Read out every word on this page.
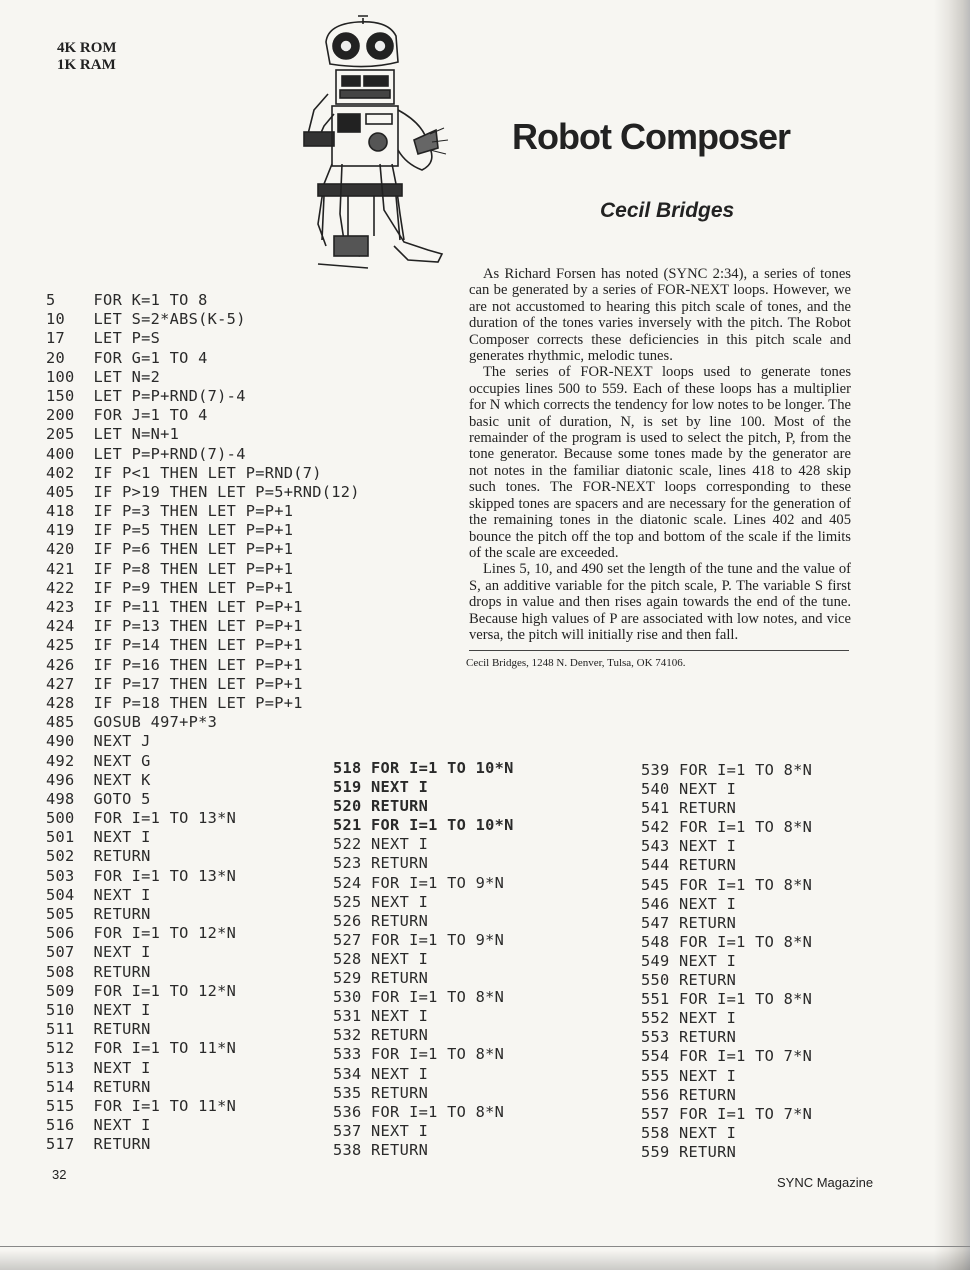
4K ROM
1K RAM
Robot Composer
Cecil Bridges

As Richard Forsen has noted (SYNC 2:34), a series of tones can be generated by a series of FOR-NEXT loops. However, we are not accustomed to hearing this pitch scale of tones, and the duration of the tones varies inversely with the pitch. The Robot Composer corrects these deficiencies in this pitch scale and generates rhythmic, melodic tunes.

The series of FOR-NEXT loops used to generate tones occupies lines 500 to 559. Each of these loops has a multiplier for N which corrects the tendency for low notes to be longer. The basic unit of duration, N, is set by line 100. Most of the remainder of the program is used to select the pitch, P, from the tone generator. Because some tones made by the generator are not notes in the familiar diatonic scale, lines 418 to 428 skip such tones. The FOR-NEXT loops corresponding to these skipped tones are spacers and are necessary for the generation of the remaining tones in the diatonic scale. Lines 402 and 405 bounce the pitch off the top and bottom of the scale if the limits of the scale are exceeded.

Lines 5, 10, and 490 set the length of the tune and the value of S, an additive variable for the pitch scale, P. The variable S first drops in value and then rises again towards the end of the tune. Because high values of P are associated with low notes, and vice versa, the pitch will initially rise and then fall.

Cecil Bridges, 1248 N. Denver, Tulsa, OK 74106.
5    FOR K=1 TO 8
10   LET S=2*ABS(K-5)
17   LET P=S
20   FOR G=1 TO 4
100  LET N=2
150  LET P=P+RND(7)-4
200  FOR J=1 TO 4
205  LET N=N+1
400  LET P=P+RND(7)-4
402  IF P<1 THEN LET P=RND(7)
405  IF P>19 THEN LET P=5+RND(12)
418  IF P=3 THEN LET P=P+1
419  IF P=5 THEN LET P=P+1
420  IF P=6 THEN LET P=P+1
421  IF P=8 THEN LET P=P+1
422  IF P=9 THEN LET P=P+1
423  IF P=11 THEN LET P=P+1
424  IF P=13 THEN LET P=P+1
425  IF P=14 THEN LET P=P+1
426  IF P=16 THEN LET P=P+1
427  IF P=17 THEN LET P=P+1
428  IF P=18 THEN LET P=P+1
485  GOSUB 497+P*3
490  NEXT J
492  NEXT G
496  NEXT K
498  GOTO 5
500  FOR I=1 TO 13*N
501  NEXT I
502  RETURN
503  FOR I=1 TO 13*N
504  NEXT I
505  RETURN
506  FOR I=1 TO 12*N
507  NEXT I
508  RETURN
509  FOR I=1 TO 12*N
510  NEXT I
511  RETURN
512  FOR I=1 TO 11*N
513  NEXT I
514  RETURN
515  FOR I=1 TO 11*N
516  NEXT I
517  RETURN
518 FOR I=1 TO 10*N
519 NEXT I
520 RETURN
521 FOR I=1 TO 10*N
522 NEXT I
523 RETURN
524 FOR I=1 TO 9*N
525 NEXT I
526 RETURN
527 FOR I=1 TO 9*N
528 NEXT I
529 RETURN
530 FOR I=1 TO 8*N
531 NEXT I
532 RETURN
533 FOR I=1 TO 8*N
534 NEXT I
535 RETURN
536 FOR I=1 TO 8*N
537 NEXT I
538 RETURN
539 FOR I=1 TO 8*N
540 NEXT I
541 RETURN
542 FOR I=1 TO 8*N
543 NEXT I
544 RETURN
545 FOR I=1 TO 8*N
546 NEXT I
547 RETURN
548 FOR I=1 TO 8*N
549 NEXT I
550 RETURN
551 FOR I=1 TO 8*N
552 NEXT I
553 RETURN
554 FOR I=1 TO 7*N
555 NEXT I
556 RETURN
557 FOR I=1 TO 7*N
558 NEXT I
559 RETURN
32
SYNC Magazine
